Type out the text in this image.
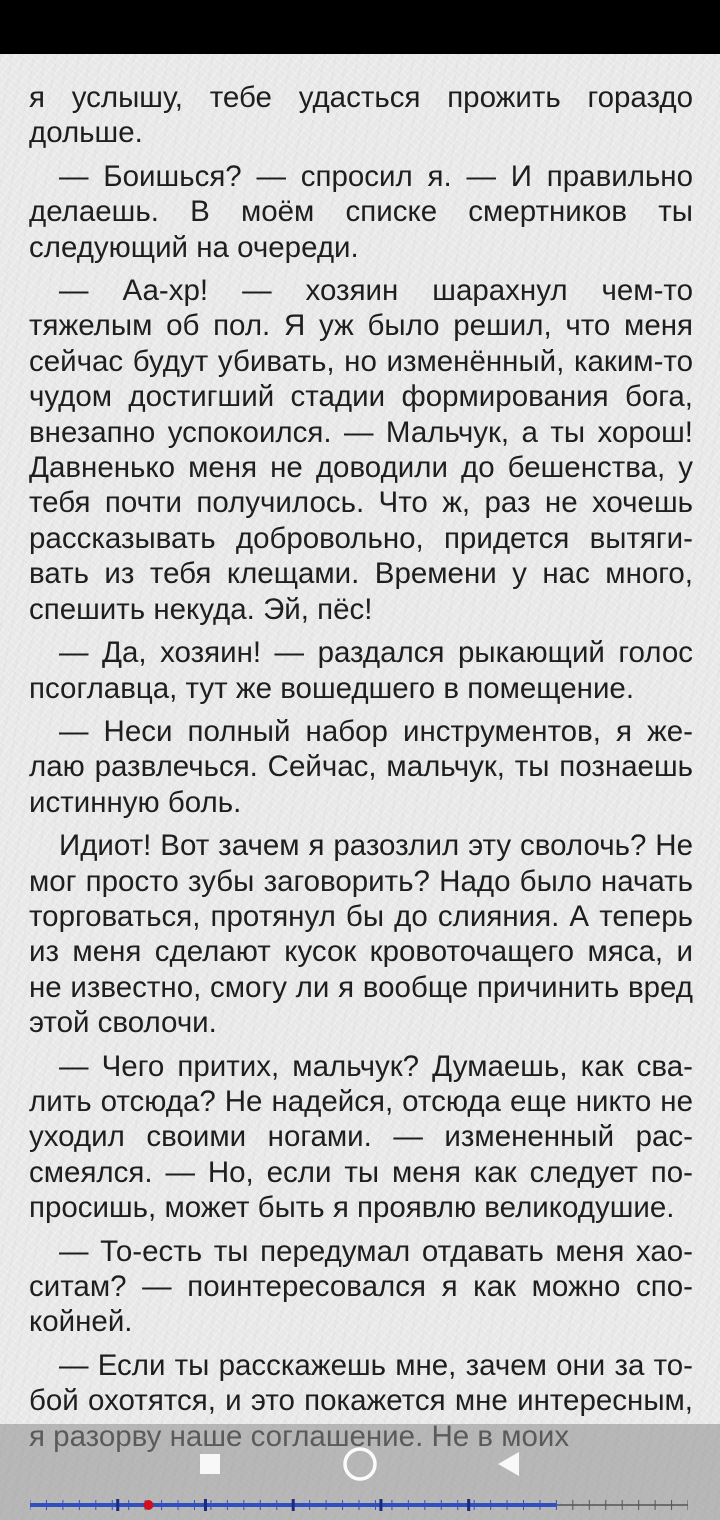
я услышу, тебе удасться прожить гораздо дольше.

— Боишься? — спросил я. — И правильно делаешь. В моём списке смертников ты следующий на очереди.

— Аа-хр! — хозяин шарахнул чем-то тяжелым об пол. Я уж было решил, что меня сейчас будут убивать, но изменённый, каким-то чудом достигший стадии формирования бога, внезапно успокоился. — Мальчук, а ты хорош! Давненько меня не доводили до бешенства, у тебя почти получилось. Что ж, раз не хочешь рассказывать добровольно, придется вытягивать из тебя клещами. Времени у нас много, спешить некуда. Эй, пёс!

— Да, хозяин! — раздался рыкающий голос псоглавца, тут же вошедшего в помещение.

— Неси полный набор инструментов, я желаю развлечься. Сейчас, мальчук, ты познаешь истинную боль.

Идиот! Вот зачем я разозлил эту сволочь? Не мог просто зубы заговорить? Надо было начать торговаться, протянул бы до слияния. А теперь из меня сделают кусок кровоточащего мяса, и не известно, смогу ли я вообще причинить вред этой сволочи.

— Чего притих, мальчук? Думаешь, как свалить отсюда? Не надейся, отсюда еще никто не уходил своими ногами. — измененный рассмеялся. — Но, если ты меня как следует попросишь, может быть я проявлю великодушие.

— То-есть ты передумал отдавать меня хаоситам? — поинтересовался я как можно спокойней.

— Если ты расскажешь мне, зачем они за тобой охотятся, и это покажется мне интересным,
